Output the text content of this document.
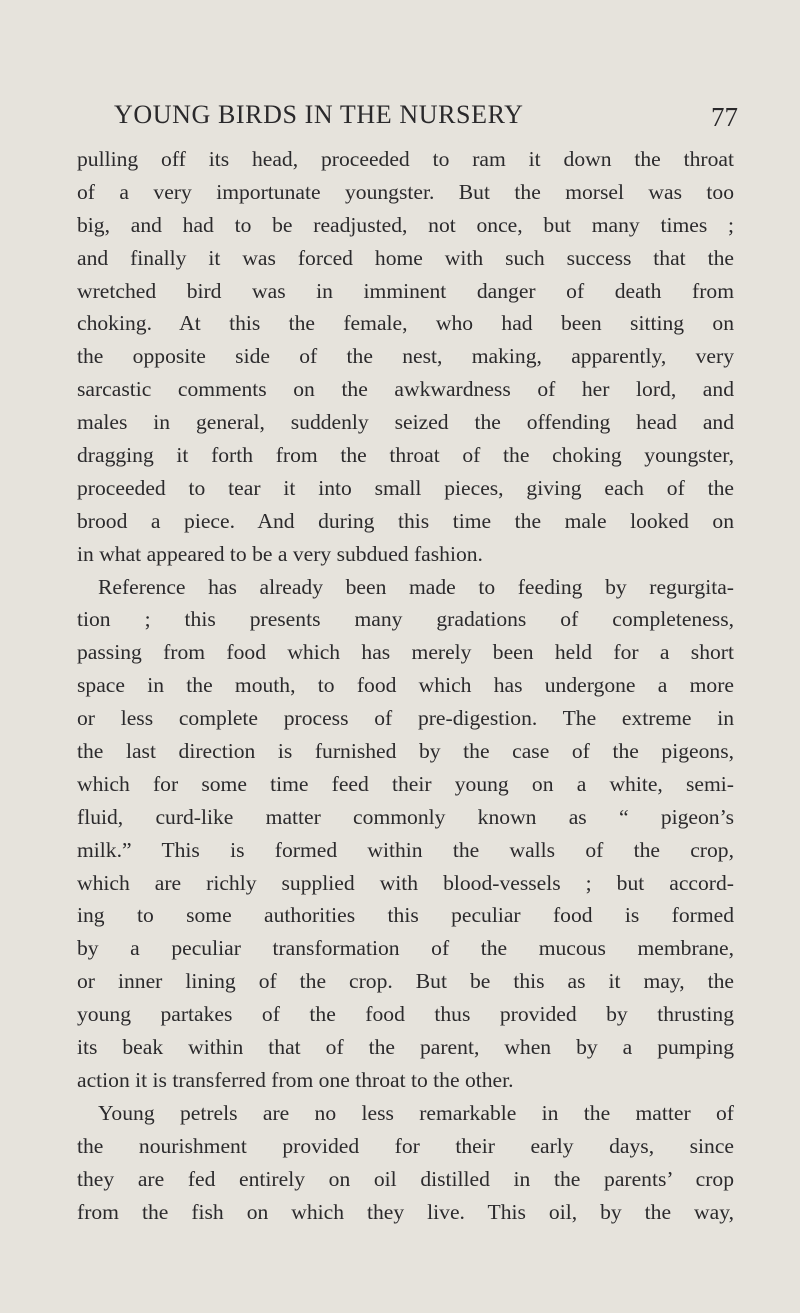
YOUNG BIRDS IN THE NURSERY	77
pulling off its head, proceeded to ram it down the throat
of a very importunate youngster. But the morsel was too
big, and had to be readjusted, not once, but many times ;
and finally it was forced home with such success that the
wretched bird was in imminent danger of death from
choking. At this the female, who had been sitting on
the opposite side of the nest, making, apparently, very
sarcastic comments on the awkwardness of her lord, and
males in general, suddenly seized the offending head and
dragging it forth from the throat of the choking youngster,
proceeded to tear it into small pieces, giving each of the
brood a piece. And during this time the male looked on
in what appeared to be a very subdued fashion.
Reference has already been made to feeding by regurgita-
tion ; this presents many gradations of completeness,
passing from food which has merely been held for a short
space in the mouth, to food which has undergone a more
or less complete process of pre-digestion. The extreme in
the last direction is furnished by the case of the pigeons,
which for some time feed their young on a white, semi-
fluid, curd-like matter commonly known as “ pigeon’s
milk.” This is formed within the walls of the crop,
which are richly supplied with blood-vessels ; but accord-
ing to some authorities this peculiar food is formed
by a peculiar transformation of the mucous membrane,
or inner lining of the crop. But be this as it may, the
young partakes of the food thus provided by thrusting
its beak within that of the parent, when by a pumping
action it is transferred from one throat to the other.
Young petrels are no less remarkable in the matter of
the nourishment provided for their early days, since
they are fed entirely on oil distilled in the parents’ crop
from the fish on which they live. This oil, by the way,
